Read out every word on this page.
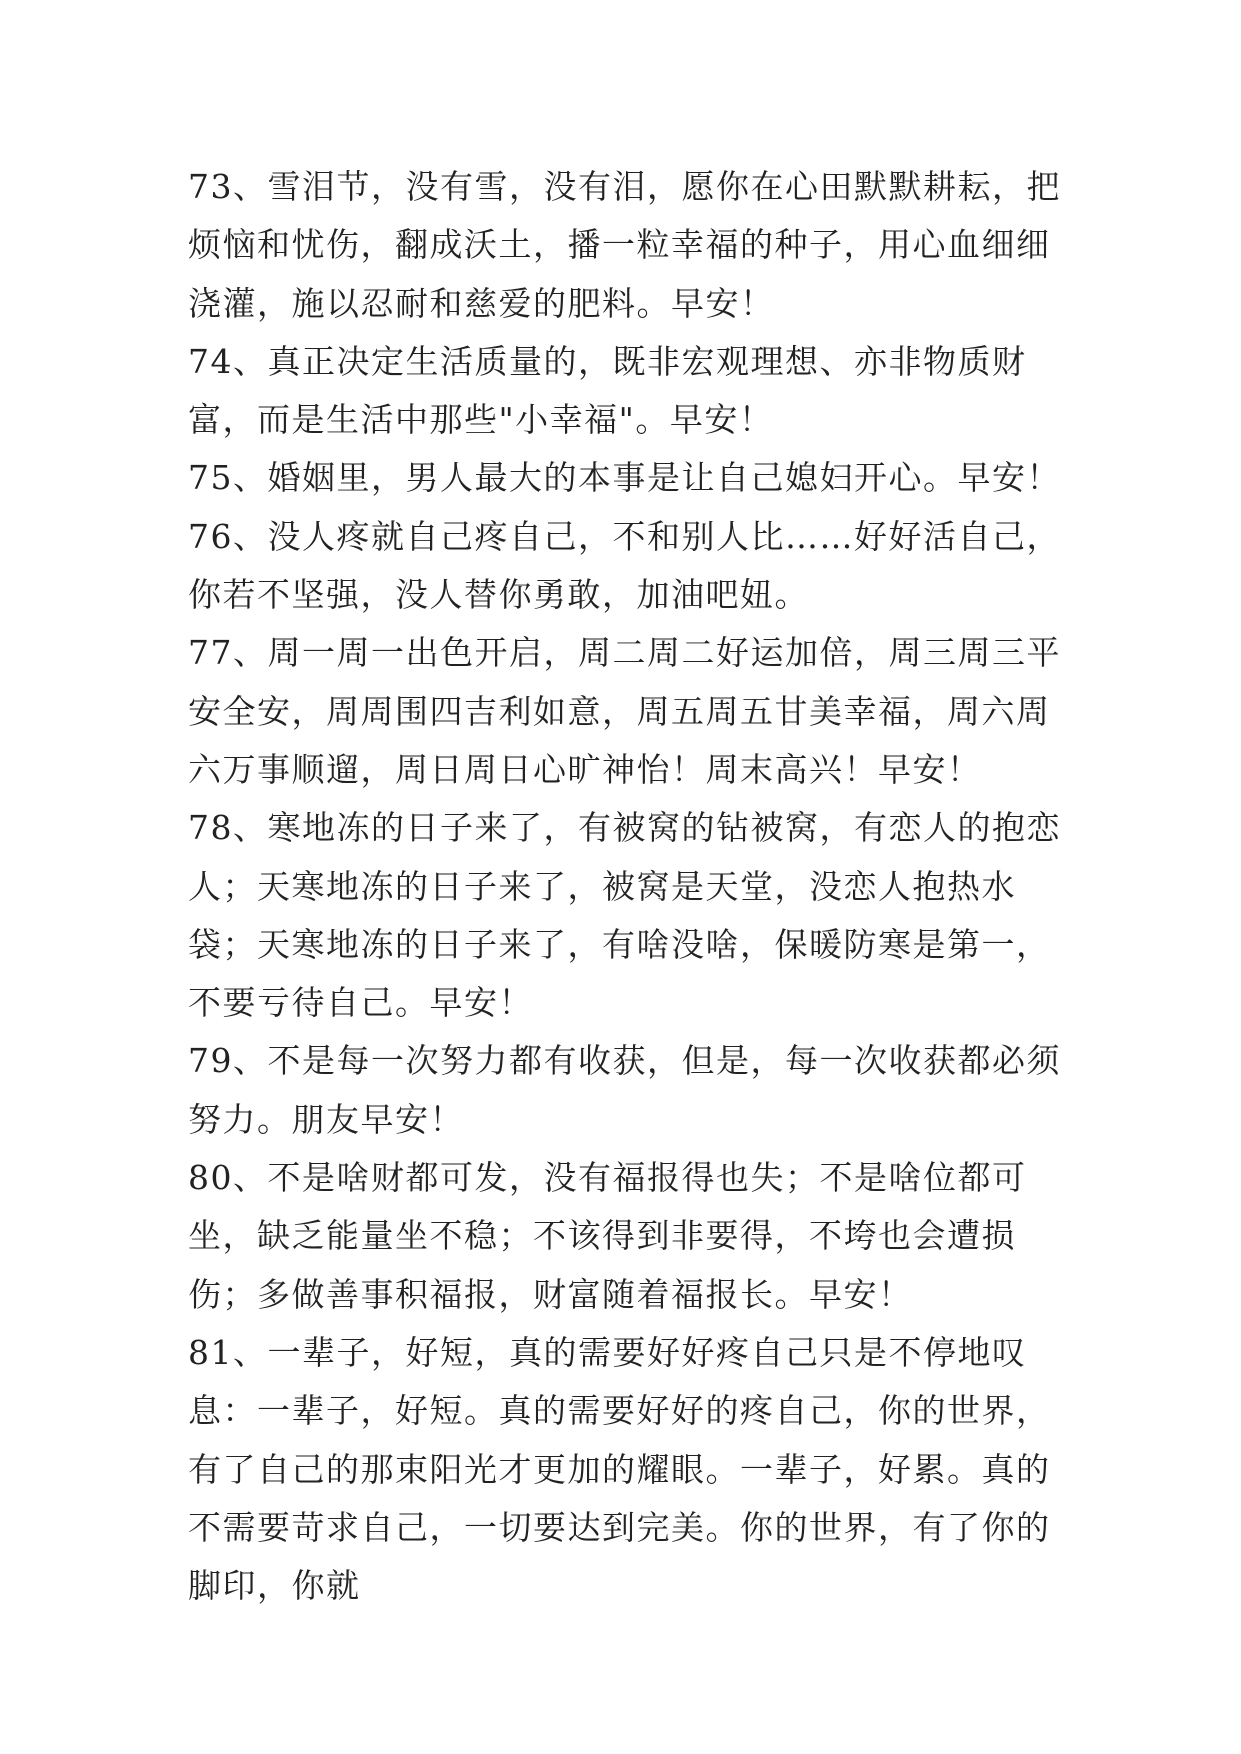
73、雪泪节，没有雪，没有泪，愿你在心田默默耕耘，把烦恼和忧伤，翻成沃土，播一粒幸福的种子，用心血细细浇灌，施以忍耐和慈爱的肥料。早安！

74、真正决定生活质量的，既非宏观理想、亦非物质财富，而是生活中那些"小幸福"。早安！

75、婚姻里，男人最大的本事是让自己媳妇开心。早安！

76、没人疼就自己疼自己，不和别人比……好好活自己，你若不坚强，没人替你勇敢，加油吧妞。

77、周一周一出色开启，周二周二好运加倍，周三周三平安全安，周周围四吉利如意，周五周五甘美幸福，周六周六万事顺遛，周日周日心旷神怡！周末高兴！早安！

78、寒地冻的日子来了，有被窝的钻被窝，有恋人的抱恋人；天寒地冻的日子来了，被窝是天堂，没恋人抱热水袋；天寒地冻的日子来了，有啥没啥，保暖防寒是第一，不要亏待自己。早安！

79、不是每一次努力都有收获，但是，每一次收获都必须努力。朋友早安！

80、不是啥财都可发，没有福报得也失；不是啥位都可坐，缺乏能量坐不稳；不该得到非要得，不垮也会遭损伤；多做善事积福报，财富随着福报长。早安！

81、一辈子，好短，真的需要好好疼自己只是不停地叹息：一辈子，好短。真的需要好好的疼自己，你的世界，有了自己的那束阳光才更加的耀眼。一辈子，好累。真的不需要苛求自己，一切要达到完美。你的世界，有了你的脚印，你就
